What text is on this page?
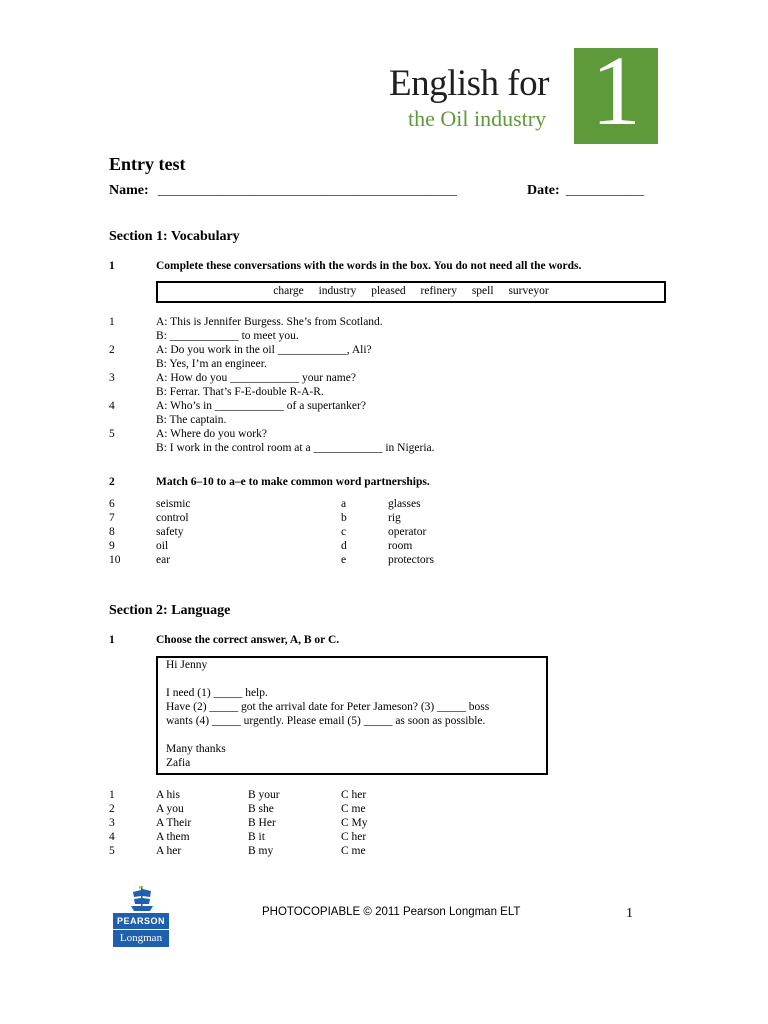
English for
the Oil industry 1
Entry test
Name: ______________________________________________	Date: ____________
Section 1: Vocabulary
1	Complete these conversations with the words in the box. You do not need all the words.
charge industry pleased refinery spell surveyor
1	A: This is Jennifer Burgess. She’s from Scotland.
B: ____________ to meet you.
2	A: Do you work in the oil ____________, Ali?
B: Yes, I’m an engineer.
3	A: How do you ____________ your name?
B: Ferrar. That’s F-E-double R-A-R.
4	A: Who’s in ____________ of a supertanker?
B: The captain.
5	A: Where do you work?
B: I work in the control room at a ____________ in Nigeria.
2	Match 6–10 to a–e to make common word partnerships.
6	seismic	a	glasses
7	control	b	rig
8	safety	c	operator
9	oil	d	room
10	ear	e	protectors
Section 2: Language
1	Choose the correct answer, A, B or C.
Hi Jenny
I need (1) _____ help.
Have (2) _____ got the arrival date for Peter Jameson? (3) _____ boss
wants (4) _____ urgently. Please email (5) _____ as soon as possible.
Many thanks
Zafia
1	A his	B your	C her
2	A you	B she	C me
3	A Their	B Her	C My
4	A them	B it	C her
5	A her	B my	C me
PEARSON
Longman
PHOTOCOPIABLE © 2011 Pearson Longman ELT	1
